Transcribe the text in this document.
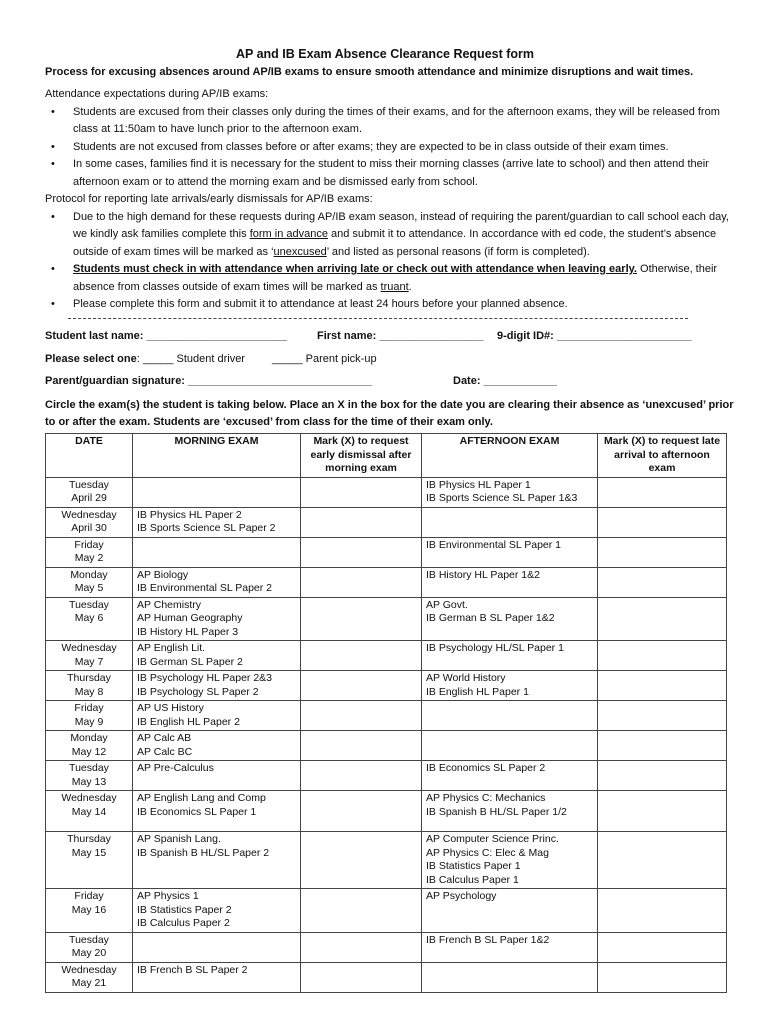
AP and IB Exam Absence Clearance Request form
Process for excusing absences around AP/IB exams to ensure smooth attendance and minimize disruptions and wait times.

Attendance expectations during AP/IB exams:

• Students are excused from their classes only during the times of their exams, and for the afternoon exams, they will be released from class at 11:50am to have lunch prior to the afternoon exam.
• Students are not excused from classes before or after exams; they are expected to be in class outside of their exam times.
• In some cases, families find it is necessary for the student to miss their morning classes (arrive late to school) and then attend their afternoon exam or to attend the morning exam and be dismissed early from school.

Protocol for reporting late arrivals/early dismissals for AP/IB exams:

• Due to the high demand for these requests during AP/IB exam season, instead of requiring the parent/guardian to call school each day, we kindly ask families complete this form in advance and submit it to attendance. In accordance with ed code, the student’s absence outside of exam times will be marked as ‘unexcused’ and listed as personal reasons (if form is completed).
• Students must check in with attendance when arriving late or check out with attendance when leaving early. Otherwise, their absence from classes outside of exam times will be marked as truant.
• Please complete this form and submit it to attendance at least 24 hours before your planned absence.
Student last name: _______________________	First name: _________________ 9-digit ID#: ______________________
Please select one: _____ Student driver _____ Parent pick-up
Parent/guardian signature: ______________________________	Date: ____________
Circle the exam(s) the student is taking below. Place an X in the box for the date you are clearing their absence as ‘unexcused’ prior to or after the exam. Students are ‘excused’ from class for the time of their exam only.
DATE	MORNING EXAM	Mark (X) to request early dismissal after morning exam	AFTERNOON EXAM	Mark (X) to request late arrival to afternoon exam

Tuesday
April 29			IB Physics HL Paper 1
IB Sports Science SL Paper 1&3	

Wednesday
April 30	IB Physics HL Paper 2
IB Sports Science SL Paper 2			

Friday
May 2			IB Environmental SL Paper 1	

Monday
May 5	AP Biology
IB Environmental SL Paper 2		IB History HL Paper 1&2	

Tuesday
May 6	AP Chemistry
AP Human Geography
IB History HL Paper 3		AP Govt.
IB German B SL Paper 1&2	

Wednesday
May 7	AP English Lit.
IB German SL Paper 2		IB Psychology HL/SL Paper 1	

Thursday
May 8	IB Psychology HL Paper 2&3
IB Psychology SL Paper 2		AP World History
IB English HL Paper 1	

Friday
May 9	AP US History
IB English HL Paper 2			

Monday
May 12	AP Calc AB
AP Calc BC			

Tuesday
May 13	AP Pre-Calculus		IB Economics SL Paper 2	

Wednesday
May 14	AP English Lang and Comp
IB Economics SL Paper 1		AP Physics C: Mechanics
IB Spanish B HL/SL Paper 1/2	

Thursday
May 15	AP Spanish Lang.
IB Spanish B HL/SL Paper 2		AP Computer Science Princ.
AP Physics C: Elec & Mag
IB Statistics Paper 1
IB Calculus Paper 1	

Friday
May 16	AP Physics 1
IB Statistics Paper 2
IB Calculus Paper 2		AP Psychology	

Tuesday
May 20			IB French B SL Paper 1&2	

Wednesday
May 21	IB French B SL Paper 2			
